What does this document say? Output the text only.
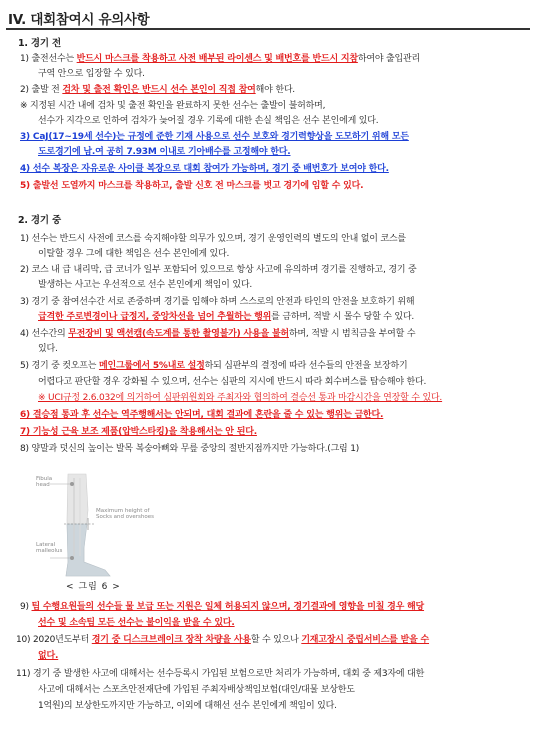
IV. 대회참여시 유의사항
1. 경기 전
1) 출전선수는 반드시 마스크를 착용하고 사전 배부된 라이센스 및 배번호를 반드시 지참하여야 출입관리
구역 안으로 입장할 수 있다.
2) 출발 전 검차 및 출전 확인은 반드시 선수 본인이 직접 참여해야 한다.
※ 지정된 시간 내에 검차 및 출전 확인을 완료하지 못한 선수는 출발이 불허하며,
선수가 지각으로 인하여 검차가 늦어질 경우 기록에 대한 손실 책임은 선수 본인에게 있다.
3) CaJ(17~19세 선수)는 규정에 준한 기재 사용으로 선수 보호와 경기력향상을 도모하기 위해 모든
도로경기에 남.여 공히 7.93M 이내로 기아배수를 고정해야 한다.
4) 선수 복장은 자유로운 사이클 복장으로 대회 참여가 가능하며, 경기 중 배번호가 보여야 한다.
5) 출발선 도열까지 마스크를 착용하고, 출발 신호 전 마스크를 벗고 경기에 임할 수 있다.
2. 경기 중
1) 선수는 반드시 사전에 코스를 숙지해야할 의무가 있으며, 경기 운영인력의 별도의 안내 없이 코스를
이탈할 경우 그에 대한 책임은 선수 본인에게 있다.
2) 코스 내 급 내리막, 급 코너가 일부 포함되어 있으므로 항상 사고에 유의하며 경기를 진행하고, 경기 중
발생하는 사고는 우선적으로 선수 본인에게 책임이 있다.
3) 경기 중 참여선수간 서로 존중하며 경기를 임해야 하며 스스로의 안전과 타인의 안전을 보호하기 위해
급격한 주로변경이나 급정지, 중앙차선을 넘어 추월하는 행위를 금하며, 적발 시 몰수 당할 수 있다.
4) 선수간의 무전장비 및 액션캠(속도계를 통한 촬영불가) 사용을 불허하며, 적발 시 범칙금을 부여할 수
있다.
5) 경기 중 컷오프는 메인그룹에서 5%내로 설정하되 심판부의 결정에 따라 선수들의 안전을 보장하기
어렵다고 판단할 경우 강화될 수 있으며, 선수는 심판의 지시에 반드시 따라 회수버스를 탑승해야 한다.
※ UCI규정 2.6.032에 의거하여 심판위원회와 주최자와 협의하여 결승선 통과 마감시간을 연장할 수 있다.
6) 결승점 통과 후 선수는 역주행해서는 안되며, 대회 결과에 혼란을 줄 수 있는 행위는 금한다.
7) 기능성 근육 보조 제품(압박스타킹)을 착용해서는 안 된다.
8) 양말과 덧신의 높이는 발목 복숭아뼈와 무릎 중앙의 절반지점까지만 가능하다.(그림 1)
Fibula head
Maximum height of Socks and overshoes
Lateral malleolus
< 그림 6 >
9) 팀 수행요원들의 선수들 물 보급 또는 지원은 일체 허용되지 않으며, 경기결과에 영향을 미칠 경우 해당
선수 및 소속팀 모든 선수는 불이익을 받을 수 있다.
10) 2020년도부터 경기 중 디스크브레이크 장착 차량을 사용할 수 있으나 기재고장시 중립서비스를 받을 수
없다.
11) 경기 중 발생한 사고에 대해서는 선수등록시 가입된 보험으로만 처리가 가능하며, 대회 중 제3자에 대한
사고에 대해서는 스포츠안전재단에 가입된 주최자배상책임보험(대인/대물 보상한도
1억원)의 보상한도까지만 가능하고, 이외에 대해선 선수 본인에게 책임이 있다.
